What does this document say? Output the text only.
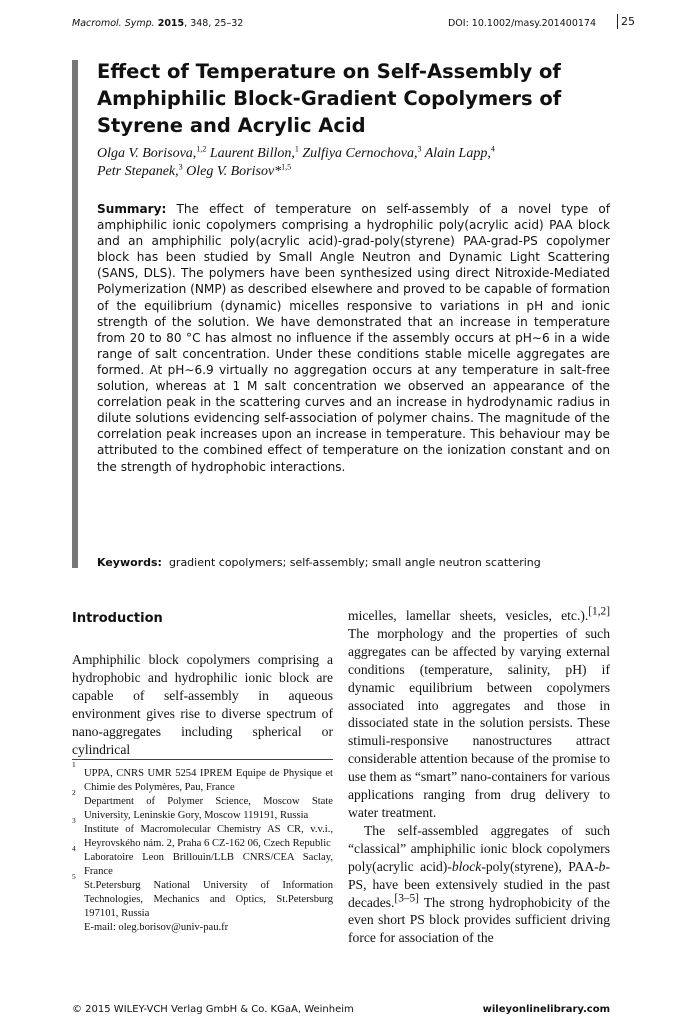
Macromol. Symp. 2015, 348, 25–32	DOI: 10.1002/masy.201400174	25
Effect of Temperature on Self-Assembly of Amphiphilic Block-Gradient Copolymers of Styrene and Acrylic Acid
Olga V. Borisova,$^{1,2}$ Laurent Billon,$^1$ Zulfiya Cernochova,$^3$ Alain Lapp,$^4$
Petr Stepanek,$^3$ Oleg V. Borisov*$^{1,5}$
Summary: The effect of temperature on self-assembly of a novel type of amphiphilic ionic copolymers comprising a hydrophilic poly(acrylic acid) PAA block and an amphiphilic poly(acrylic acid)-grad-poly(styrene) PAA-grad-PS copolymer block has been studied by Small Angle Neutron and Dynamic Light Scattering (SANS, DLS). The polymers have been synthesized using direct Nitroxide-Mediated Polymerization (NMP) as described elsewhere and proved to be capable of formation of the equilibrium (dynamic) micelles responsive to variations in pH and ionic strength of the solution. We have demonstrated that an increase in temperature from 20 to 80 °C has almost no influence if the assembly occurs at pH∼6 in a wide range of salt concentration. Under these conditions stable micelle aggregates are formed. At pH∼6.9 virtually no aggregation occurs at any temperature in salt-free solution, whereas at 1 M salt concentration we observed an appearance of the correlation peak in the scattering curves and an increase in hydrodynamic radius in dilute solutions evidencing self-association of polymer chains. The magnitude of the correlation peak increases upon an increase in temperature. This behaviour may be attributed to the combined effect of temperature on the ionization constant and on the strength of hydrophobic interactions.
Keywords: gradient copolymers; self-assembly; small angle neutron scattering
Introduction
Amphiphilic block copolymers comprising a hydrophobic and hydrophilic ionic block are capable of self-assembly in aqueous environment gives rise to diverse spectrum of nano-aggregates including spherical or cylindrical
1
UPPA, CNRS UMR 5254 IPREM Equipe de Physique et Chimie des Polymères, Pau, France
2
Department of Polymer Science, Moscow State University, Leninskie Gory, Moscow 119191, Russia
3
Institute of Macromolecular Chemistry AS CR, v.v.i., Heyrovského nám. 2, Praha 6 CZ-162 06, Czech Republic
4
Laboratoire Leon Brillouin/LLB CNRS/CEA Saclay, France
5
St.Petersburg National University of Information Technologies, Mechanics and Optics, St.Petersburg 197101, Russia
E-mail: oleg.borisov@univ-pau.fr

micelles, lamellar sheets, vesicles, etc.).[1,2] The morphology and the properties of such aggregates can be affected by varying external conditions (temperature, salinity, pH) if dynamic equilibrium between copolymers associated into aggregates and those in dissociated state in the solution persists. These stimuli-responsive nanostructures attract considerable attention because of the promise to use them as “smart” nano-containers for various applications ranging from drug delivery to water treatment.

The self-assembled aggregates of such “classical” amphiphilic ionic block copolymers poly(acrylic acid)-block-poly(styrene), PAA-b-PS, have been extensively studied in the past decades.[3–5] The strong hydrophobicity of the even short PS block provides sufficient driving force for association of the

© 2015 WILEY-VCH Verlag GmbH & Co. KGaA, Weinheim	wileyonlinelibrary.com
